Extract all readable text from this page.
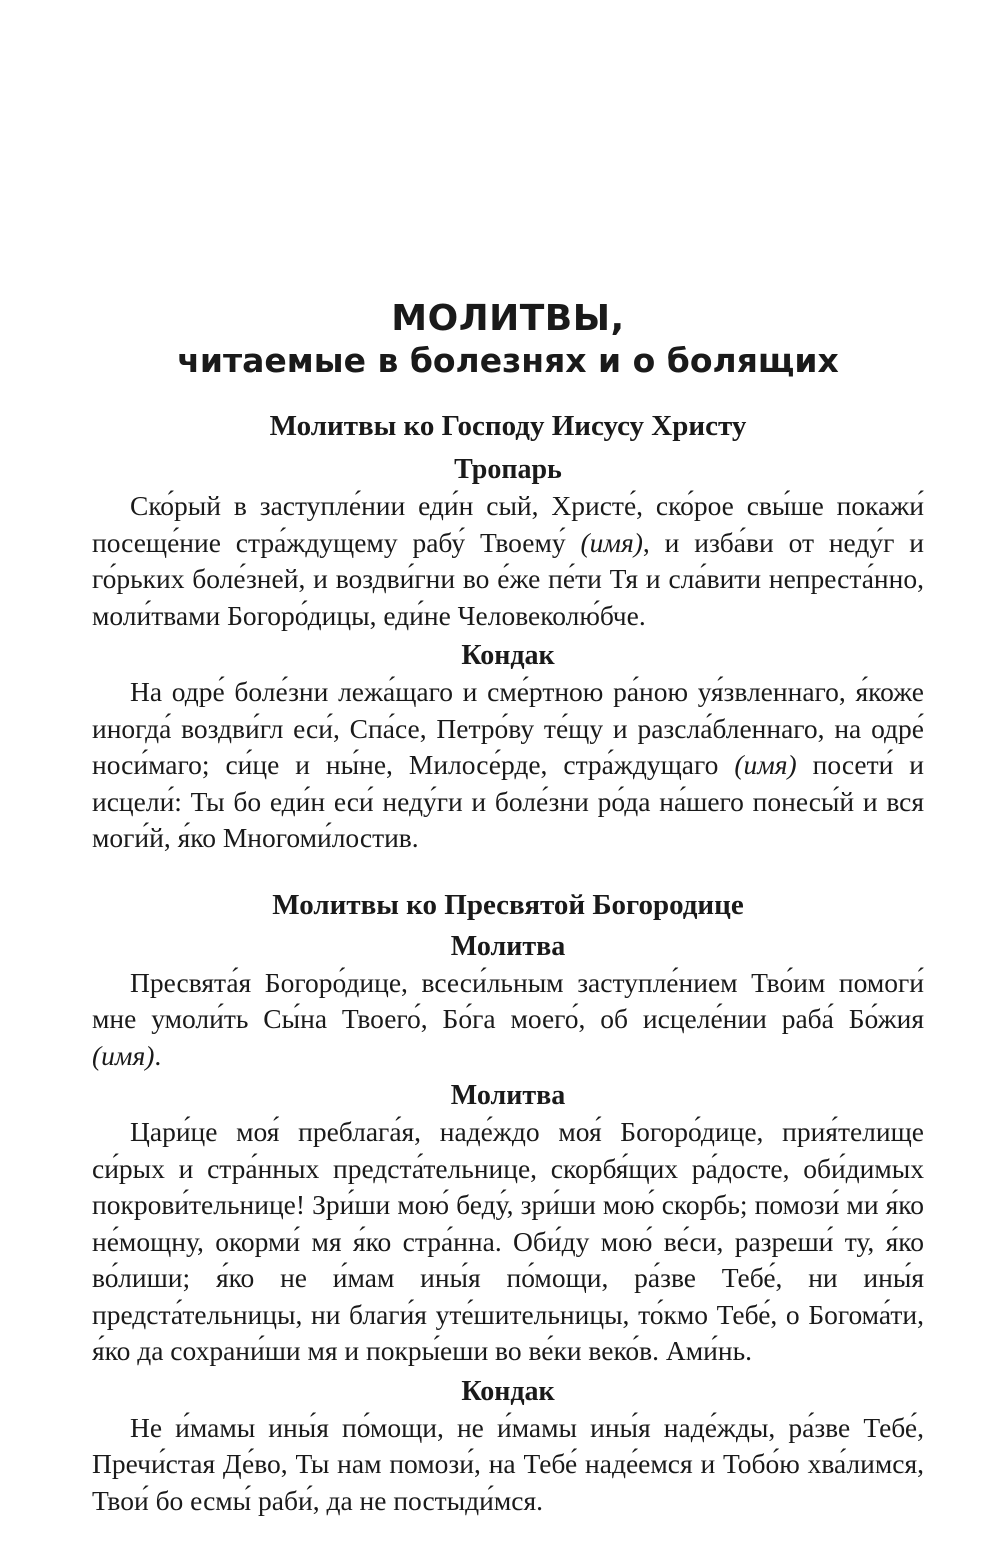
МОЛИТВЫ,
читаемые в болезнях и о болящих
Молитвы ко Господу Иисусу Христу
Тропарь

Ско́рый в заступле́нии еди́н сый, Христе́, ско́рое свы́ше покажи́ посеще́ние стра́ждущему рабу́ Твоему́ (имя), и изба́ви от неду́г и го́рьких боле́зней, и воздви́гни во е́же пе́ти Тя и сла́вити непреста́нно, моли́твами Богоро́дицы, еди́не Человеколю́бче.

Кондак

На одре́ боле́зни лежа́щаго и сме́ртною ра́ною уя́звленнаго, я́коже иногда́ воздви́гл еси́, Спа́се, Петро́ву те́щу и разсла́бленнаго, на одре́ носи́маго; си́це и ны́не, Милосе́рде, стра́ждущаго (имя) посети́ и исцели́: Ты бо еди́н еси́ неду́ги и боле́зни ро́да на́шего понесы́й и вся моги́й, я́ко Многоми́лостив.

Молитвы ко Пресвятой Богородице
Молитва

Пресвята́я Богоро́дице, всеси́льным заступле́нием Тво́им помоги́ мне умоли́ть Сы́на Твоего́, Бо́га моего́, об исцеле́нии раба́ Бо́жия (имя).

Молитва

Цари́це моя́ преблага́я, наде́ждо моя́ Богоро́дице, прия́телище си́рых и стра́нных предста́тельнице, скорбя́щих ра́досте, оби́димых покрови́тельнице! Зри́ши мою́ беду́, зри́ши мою́ скорбь; помози́ ми я́ко не́мощну, окорми́ мя я́ко стра́нна. Оби́ду мою́ ве́си, разреши́ ту, я́ко во́лиши; я́ко не и́мам ины́я по́мощи, ра́зве Тебе́, ни ины́я предста́тельницы, ни благи́я уте́шительницы, то́кмо Тебе́, о Богома́ти, я́ко да сохрани́ши мя и покры́еши во ве́ки веко́в. Ами́нь.

Кондак

Не и́мамы ины́я по́мощи, не и́мамы ины́я наде́жды, ра́зве Тебе́, Пречи́стая Де́во, Ты нам помози́, на Тебе́ наде́емся и Тобо́ю хва́лимся, Твои́ бо есмы́ раби́, да не постыди́мся.
